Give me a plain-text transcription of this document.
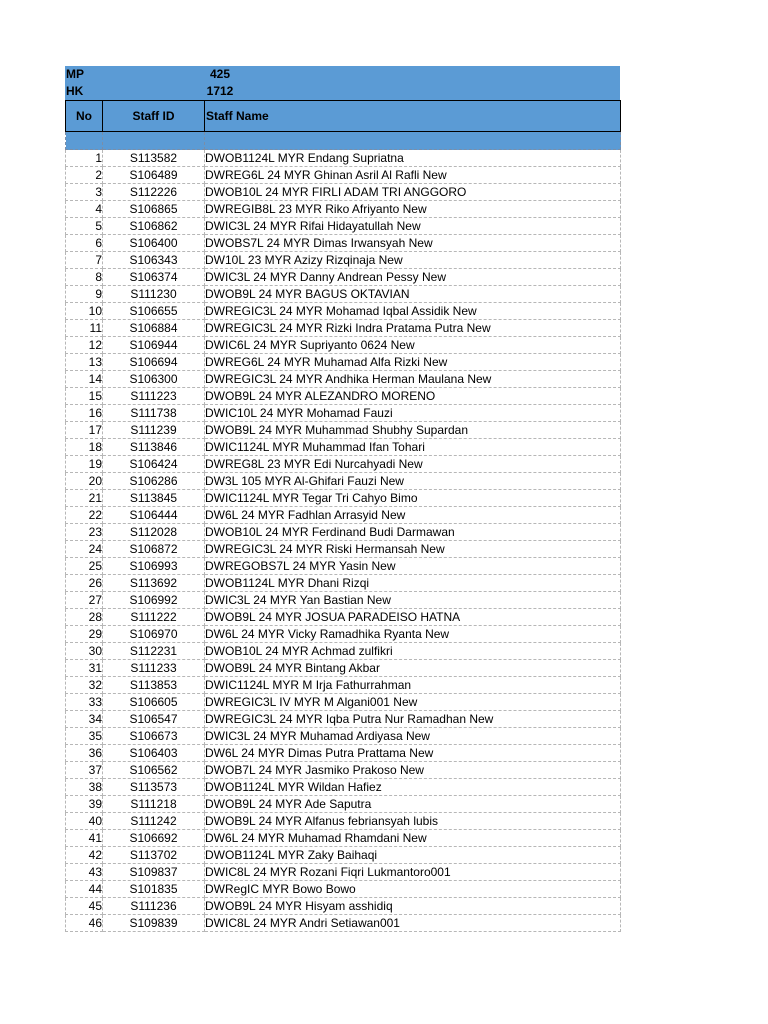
MP	425
HK	1712
No	Staff ID	Staff Name

1	S113582	DWOB1124L MYR Endang Supriatna
2	S106489	DWREG6L 24 MYR Ghinan Asril Al Rafli New
3	S112226	DWOB10L 24 MYR FIRLI ADAM TRI ANGGORO
4	S106865	DWREGIB8L 23 MYR Riko Afriyanto New
5	S106862	DWIC3L 24 MYR Rifai Hidayatullah New
6	S106400	DWOBS7L 24 MYR Dimas Irwansyah New
7	S106343	DW10L 23 MYR Azizy Rizqinaja New
8	S106374	DWIC3L 24 MYR Danny Andrean Pessy New
9	S111230	DWOB9L 24 MYR BAGUS OKTAVIAN
10	S106655	DWREGIC3L 24 MYR Mohamad Iqbal Assidik New
11	S106884	DWREGIC3L 24 MYR Rizki Indra Pratama Putra New
12	S106944	DWIC6L 24 MYR Supriyanto 0624 New
13	S106694	DWREG6L 24 MYR Muhamad Alfa Rizki New
14	S106300	DWREGIC3L 24 MYR Andhika Herman Maulana New
15	S111223	DWOB9L 24 MYR ALEZANDRO MORENO
16	S111738	DWIC10L 24 MYR Mohamad Fauzi
17	S111239	DWOB9L 24 MYR Muhammad Shubhy Supardan
18	S113846	DWIC1124L MYR Muhammad Ifan Tohari
19	S106424	DWREG8L 23 MYR Edi Nurcahyadi New
20	S106286	DW3L 105 MYR Al-Ghifari Fauzi New
21	S113845	DWIC1124L MYR Tegar Tri Cahyo Bimo
22	S106444	DW6L 24 MYR Fadhlan Arrasyid New
23	S112028	DWOB10L 24 MYR Ferdinand Budi Darmawan
24	S106872	DWREGIC3L 24 MYR Riski Hermansah New
25	S106993	DWREGOBS7L 24 MYR Yasin New
26	S113692	DWOB1124L MYR Dhani Rizqi
27	S106992	DWIC3L 24 MYR Yan Bastian New
28	S111222	DWOB9L 24 MYR JOSUA PARADEISO HATNA
29	S106970	DW6L 24 MYR Vicky Ramadhika Ryanta New
30	S112231	DWOB10L 24 MYR Achmad zulfikri
31	S111233	DWOB9L 24 MYR Bintang Akbar
32	S113853	DWIC1124L MYR M Irja Fathurrahman
33	S106605	DWREGIC3L IV MYR M Algani001 New
34	S106547	DWREGIC3L 24 MYR Iqba Putra Nur Ramadhan New
35	S106673	DWIC3L 24 MYR Muhamad Ardiyasa New
36	S106403	DW6L 24 MYR Dimas Putra Prattama New
37	S106562	DWOB7L 24 MYR Jasmiko Prakoso New
38	S113573	DWOB1124L MYR Wildan Hafiez
39	S111218	DWOB9L 24 MYR Ade Saputra
40	S111242	DWOB9L 24 MYR Alfanus febriansyah lubis
41	S106692	DW6L 24 MYR Muhamad Rhamdani New
42	S113702	DWOB1124L MYR Zaky Baihaqi
43	S109837	DWIC8L 24 MYR Rozani Fiqri Lukmantoro001
44	S101835	DWRegIC MYR Bowo Bowo
45	S111236	DWOB9L 24 MYR Hisyam asshidiq
46	S109839	DWIC8L 24 MYR Andri Setiawan001
